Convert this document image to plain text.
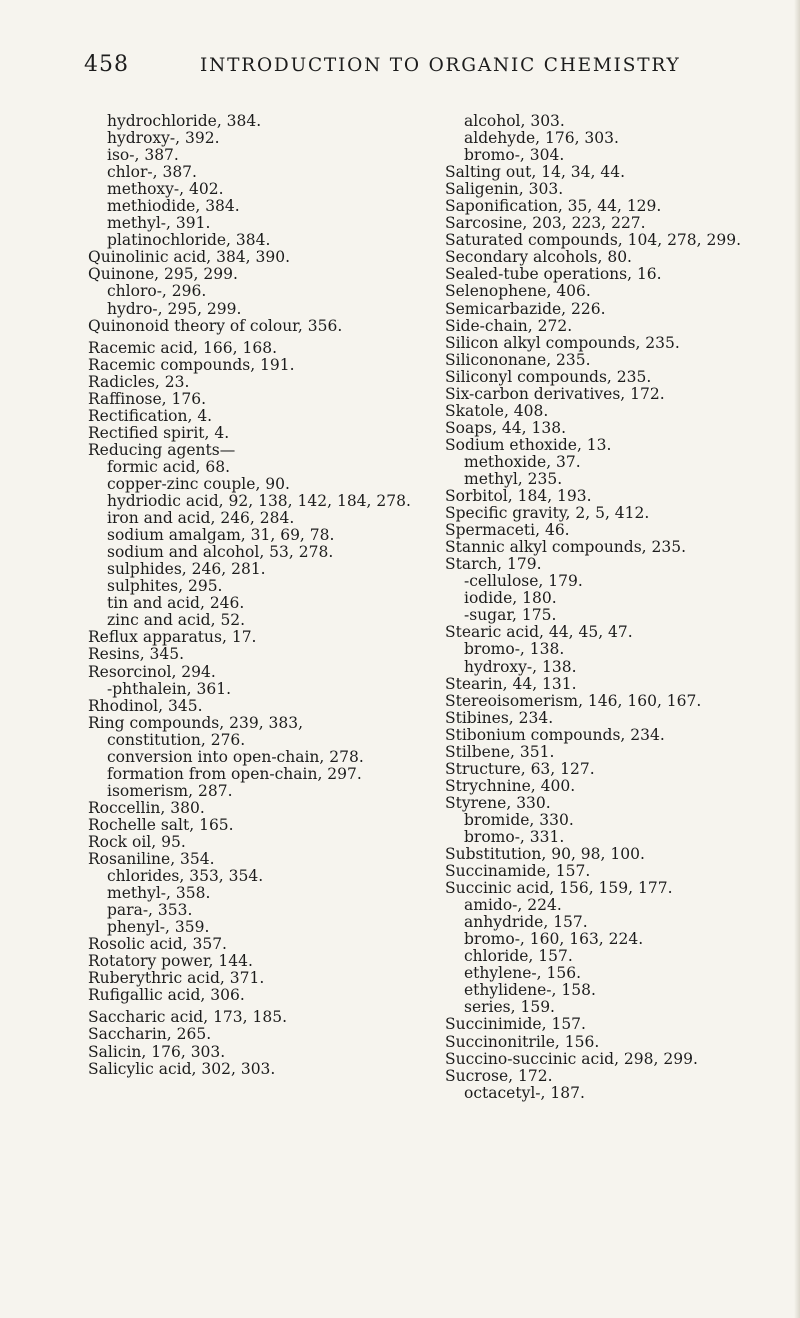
458	INTRODUCTION TO ORGANIC CHEMISTRY
hydrochloride, 384.
hydroxy-, 392.
iso-, 387.
chlor-, 387.
methoxy-, 402.
methiodide, 384.
methyl-, 391.
platinochloride, 384.
Quinolinic acid, 384, 390.
Quinone, 295, 299.
chloro-, 296.
hydro-, 295, 299.
Quinonoid theory of colour, 356.
Racemic acid, 166, 168.
Racemic compounds, 191.
Radicles, 23.
Raffinose, 176.
Rectification, 4.
Rectified spirit, 4.
Reducing agents—
formic acid, 68.
copper-zinc couple, 90.
hydriodic acid, 92, 138, 142, 184, 278.
iron and acid, 246, 284.
sodium amalgam, 31, 69, 78.
sodium and alcohol, 53, 278.
sulphides, 246, 281.
sulphites, 295.
tin and acid, 246.
zinc and acid, 52.
Reflux apparatus, 17.
Resins, 345.
Resorcinol, 294.
-phthalein, 361.
Rhodinol, 345.
Ring compounds, 239, 383,
constitution, 276.
conversion into open-chain, 278.
formation from open-chain, 297.
isomerism, 287.
Roccellin, 380.
Rochelle salt, 165.
Rock oil, 95.
Rosaniline, 354.
chlorides, 353, 354.
methyl-, 358.
para-, 353.
phenyl-, 359.
Rosolic acid, 357.
Rotatory power, 144.
Ruberythric acid, 371.
Rufigallic acid, 306.
Saccharic acid, 173, 185.
Saccharin, 265.
Salicin, 176, 303.
Salicylic acid, 302, 303.
alcohol, 303.
aldehyde, 176, 303.
bromo-, 304.
Salting out, 14, 34, 44.
Saligenin, 303.
Saponification, 35, 44, 129.
Sarcosine, 203, 223, 227.
Saturated compounds, 104, 278, 299.
Secondary alcohols, 80.
Sealed-tube operations, 16.
Selenophene, 406.
Semicarbazide, 226.
Side-chain, 272.
Silicon alkyl compounds, 235.
Silicononane, 235.
Siliconyl compounds, 235.
Six-carbon derivatives, 172.
Skatole, 408.
Soaps, 44, 138.
Sodium ethoxide, 13.
methoxide, 37.
methyl, 235.
Sorbitol, 184, 193.
Specific gravity, 2, 5, 412.
Spermaceti, 46.
Stannic alkyl compounds, 235.
Starch, 179.
-cellulose, 179.
iodide, 180.
-sugar, 175.
Stearic acid, 44, 45, 47.
bromo-, 138.
hydroxy-, 138.
Stearin, 44, 131.
Stereoisomerism, 146, 160, 167.
Stibines, 234.
Stibonium compounds, 234.
Stilbene, 351.
Structure, 63, 127.
Strychnine, 400.
Styrene, 330.
bromide, 330.
bromo-, 331.
Substitution, 90, 98, 100.
Succinamide, 157.
Succinic acid, 156, 159, 177.
amido-, 224.
anhydride, 157.
bromo-, 160, 163, 224.
chloride, 157.
ethylene-, 156.
ethylidene-, 158.
series, 159.
Succinimide, 157.
Succinonitrile, 156.
Succino-succinic acid, 298, 299.
Sucrose, 172.
octacetyl-, 187.
